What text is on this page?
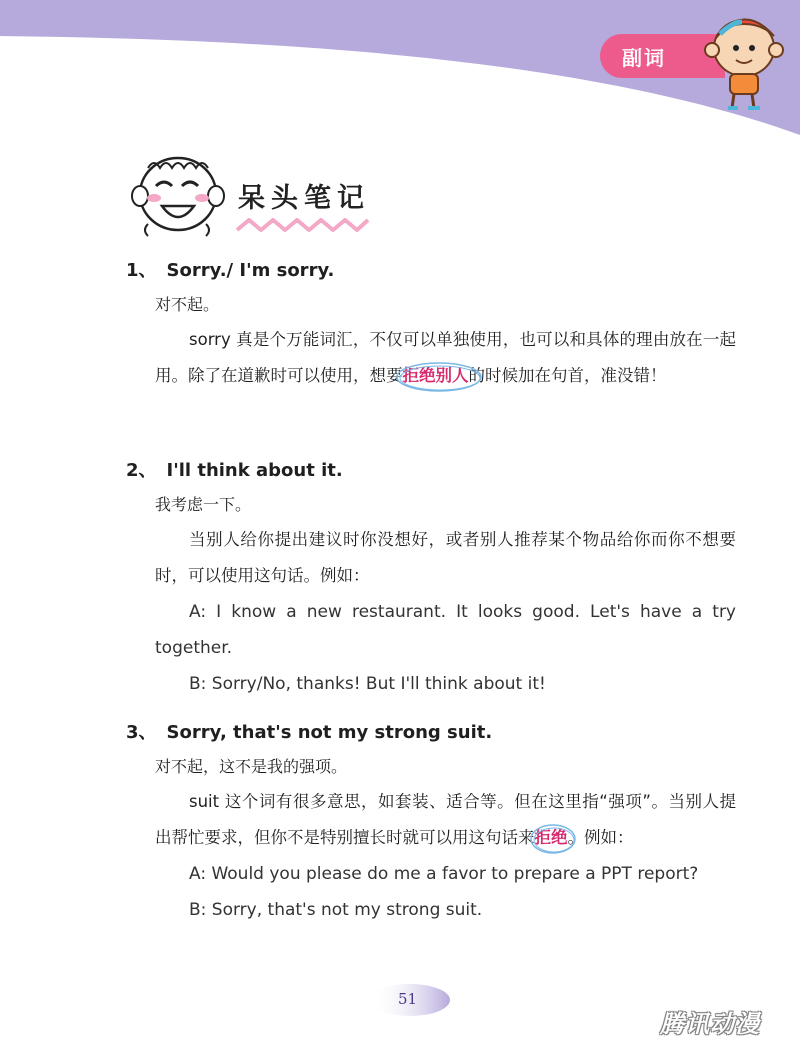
副词
呆头笔记

1、 Sorry./ I'm sorry.

对不起。

sorry 真是个万能词汇，不仅可以单独使用，也可以和具体的理由放在一起用。除了在道歉时可以使用，想要拒绝别人
的时候加在句首，准没错！

2、 I'll think about it.

我考虑一下。

当别人给你提出建议时你没想好，或者别人推荐某个物品给你而你不想要时，可以使用这句话。例如：

A: I know a new restaurant. It looks good. Let's have a try together.

B: Sorry/No, thanks! But I'll think about it!

3、 Sorry, that's not my strong suit.

对不起，这不是我的强项。

suit 这个词有很多意思，如套装、适合等。但在这里指“强项”。当别人提出帮忙要求，但你不是特别擅长时就可以用这句话来拒绝
。例如：

A: Would you please do me a favor to prepare a PPT report?

B: Sorry, that's not my strong suit.

51
腾讯动漫
